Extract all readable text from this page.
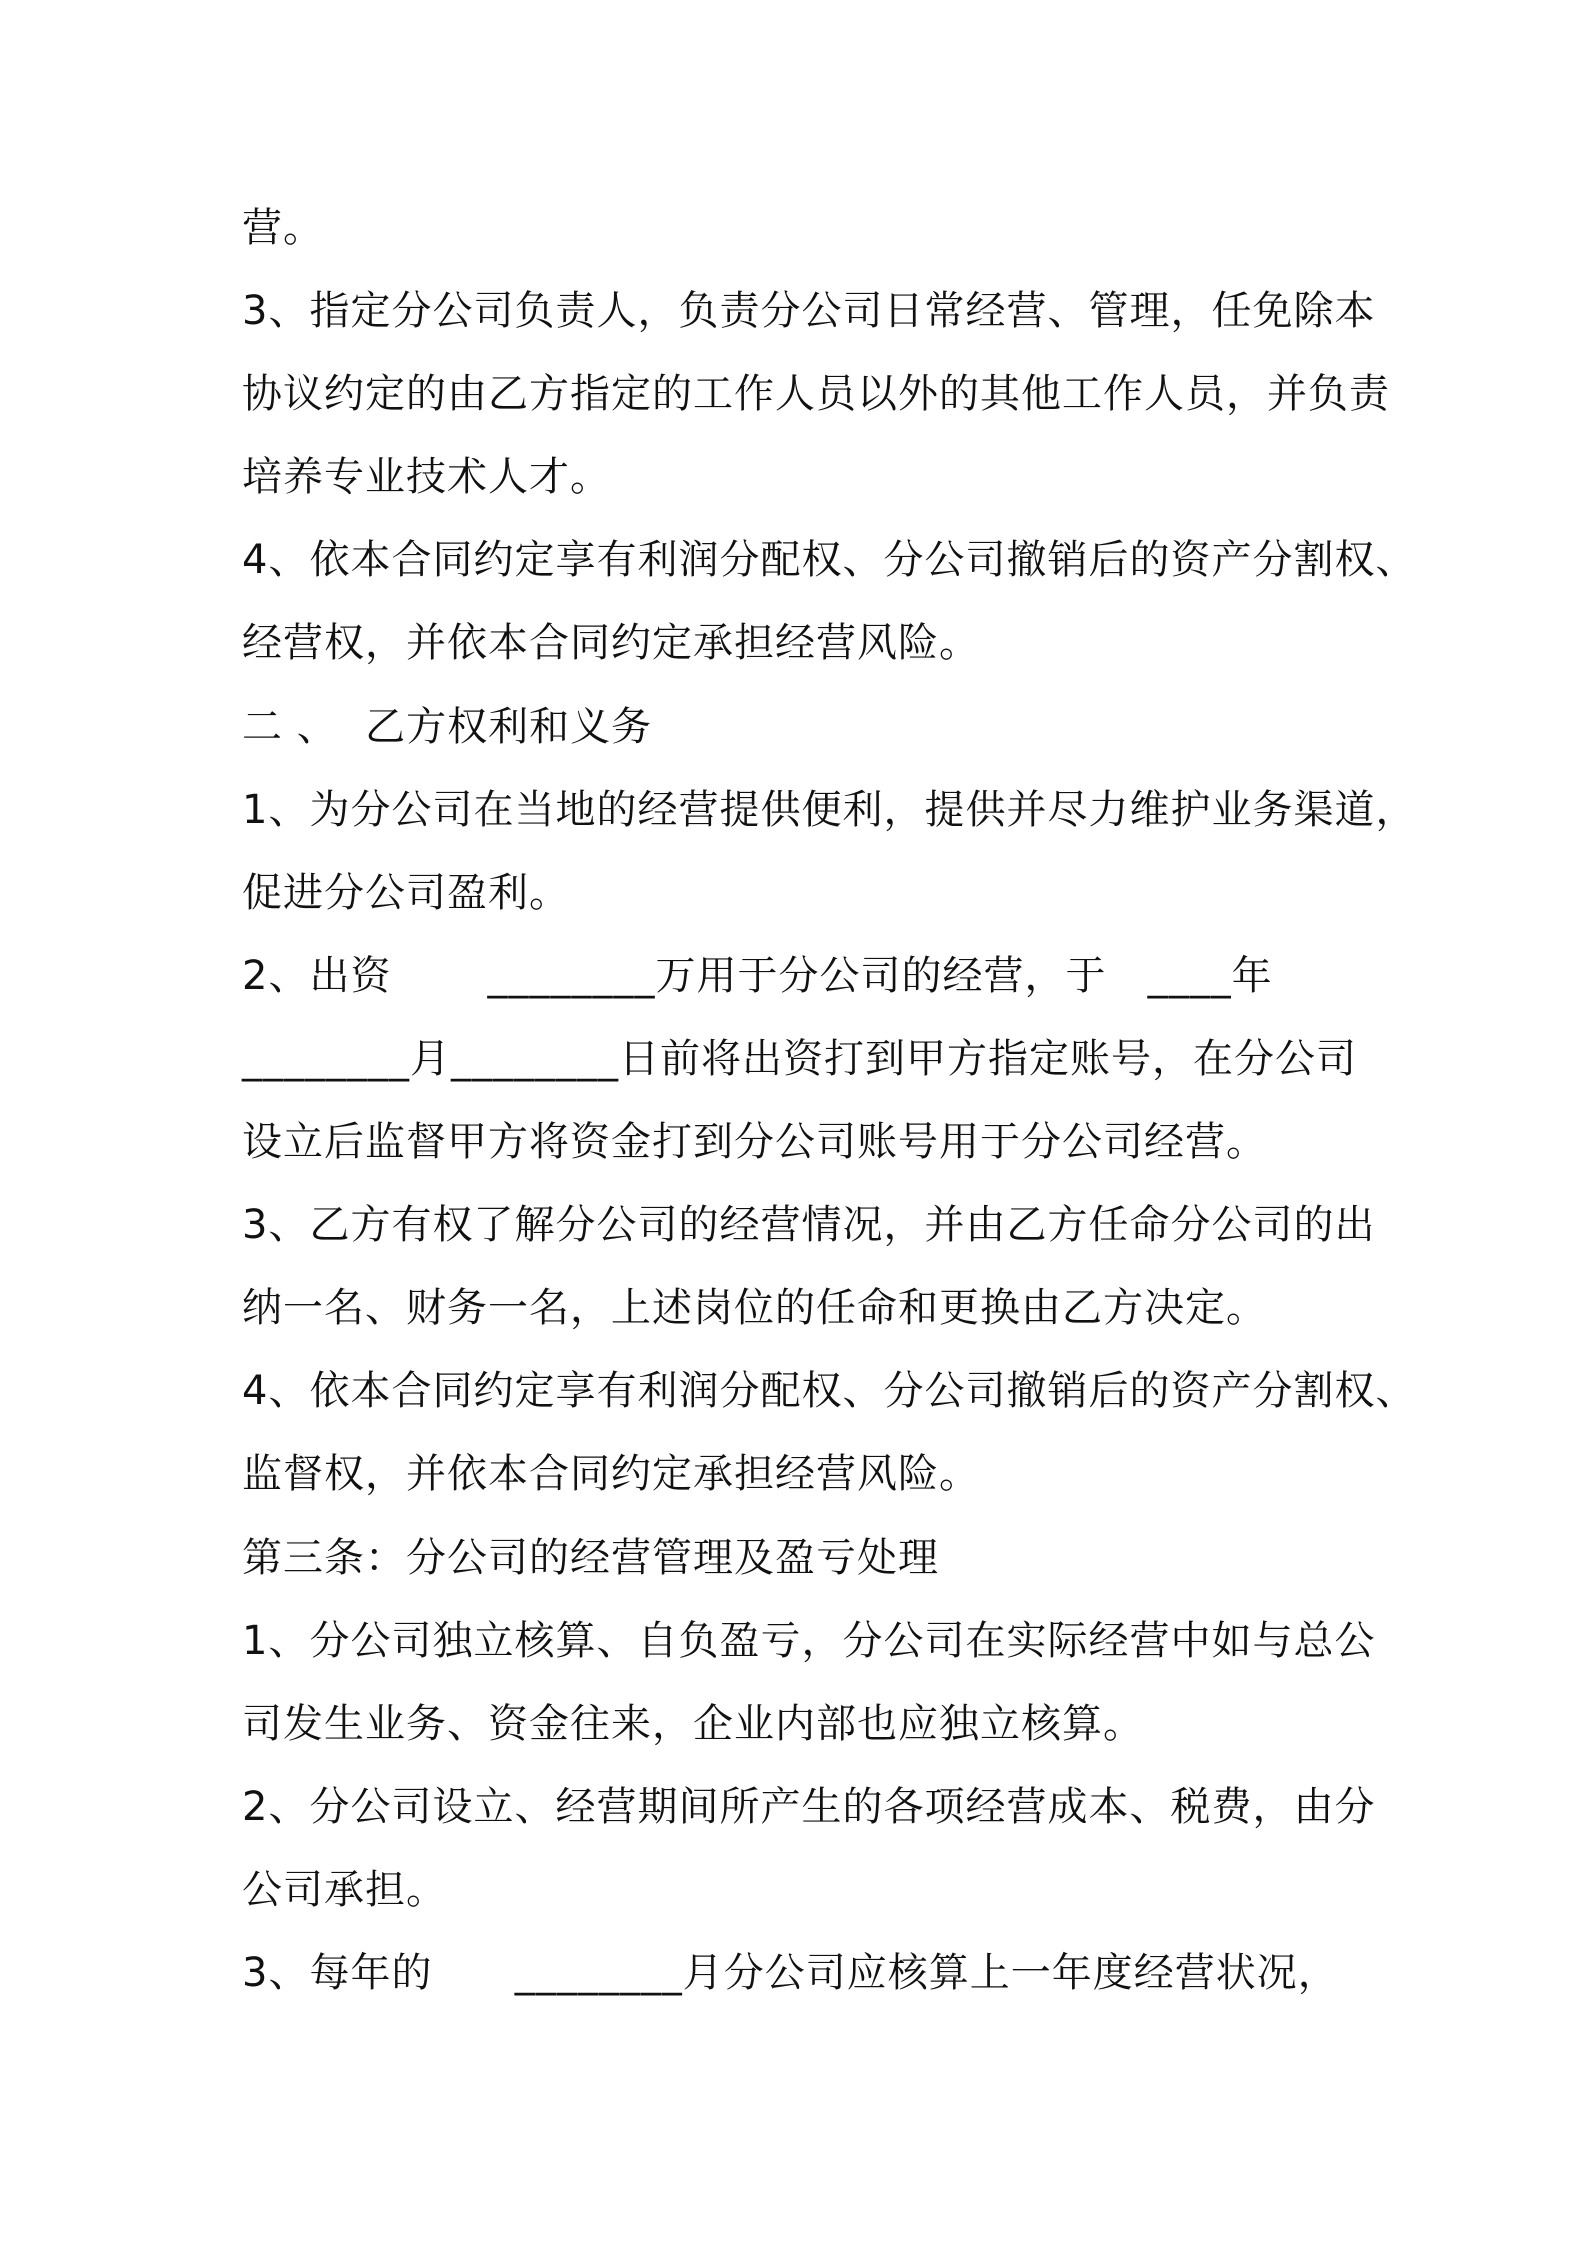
营。
3、指定分公司负责人，负责分公司日常经营、管理，任免除本
协议约定的由乙方指定的工作人员以外的其他工作人员，并负责
培养专业技术人才。
4、依本合同约定享有利润分配权、分公司撤销后的资产分割权、
经营权，并依本合同约定承担经营风险。
二 、  乙方权利和义务
1、为分公司在当地的经营提供便利，提供并尽力维护业务渠道，
促进分公司盈利。
2、出资       ________万用于分公司的经营，于   ____年
________月________日前将出资打到甲方指定账号，在分公司
设立后监督甲方将资金打到分公司账号用于分公司经营。
3、乙方有权了解分公司的经营情况，并由乙方任命分公司的出
纳一名、财务一名，上述岗位的任命和更换由乙方决定。
4、依本合同约定享有利润分配权、分公司撤销后的资产分割权、
监督权，并依本合同约定承担经营风险。
第三条：分公司的经营管理及盈亏处理
1、分公司独立核算、自负盈亏，分公司在实际经营中如与总公
司发生业务、资金往来，企业内部也应独立核算。
2、分公司设立、经营期间所产生的各项经营成本、税费，由分
公司承担。
3、每年的      ________月分公司应核算上一年度经营状况，
